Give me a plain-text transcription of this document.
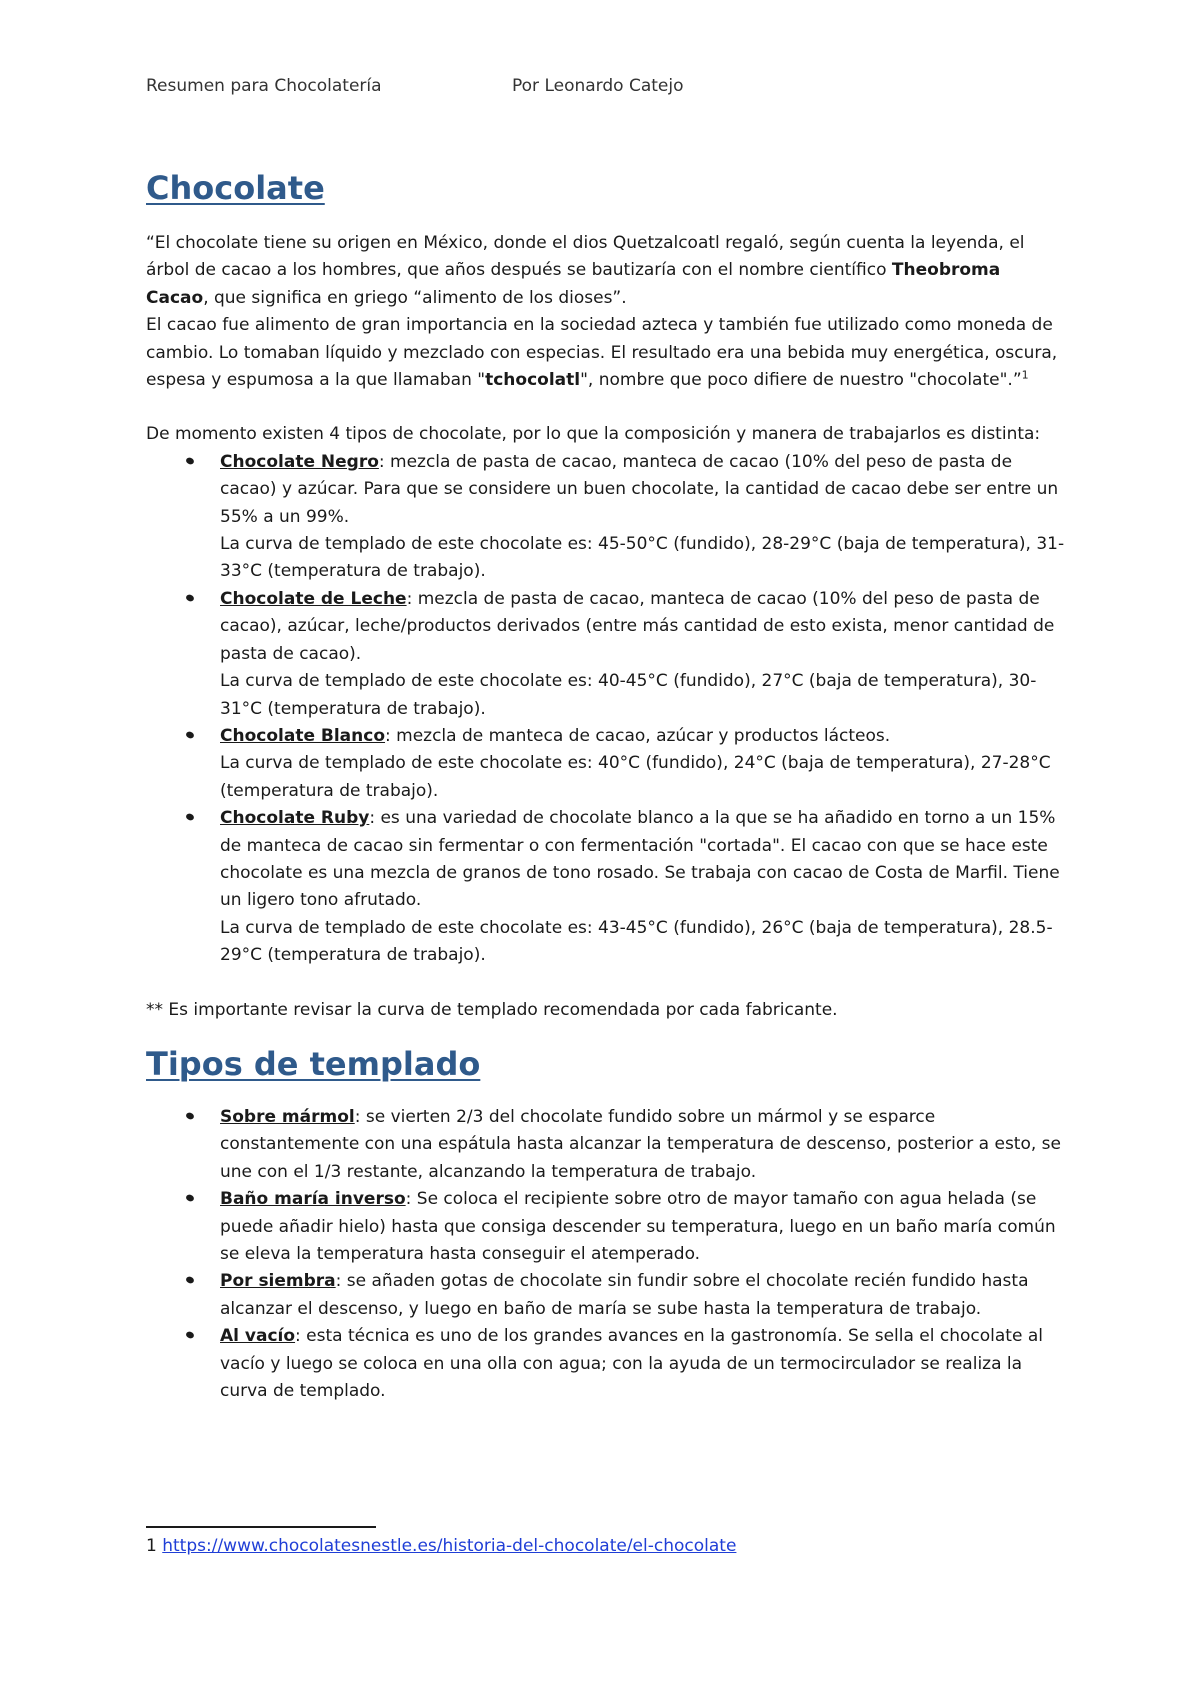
Resumen para Chocolatería	Por Leonardo Catejo
Chocolate

“El chocolate tiene su origen en México, donde el dios Quetzalcoatl regaló, según cuenta la leyenda, el árbol de cacao a los hombres, que años después se bautizaría con el nombre científico Theobroma Cacao, que significa en griego “alimento de los dioses”.

El cacao fue alimento de gran importancia en la sociedad azteca y también fue utilizado como moneda de cambio. Lo tomaban líquido y mezclado con especias. El resultado era una bebida muy energética, oscura, espesa y espumosa a la que llamaban "tchocolatl", nombre que poco difiere de nuestro "chocolate".”$^1$

De momento existen 4 tipos de chocolate, por lo que la composición y manera de trabajarlos es distinta:

Chocolate Negro: mezcla de pasta de cacao, manteca de cacao (10% del peso de pasta de cacao) y azúcar. Para que se considere un buen chocolate, la cantidad de cacao debe ser entre un 55% a un 99%.
La curva de templado de este chocolate es: 45-50°C (fundido), 28-29°C (baja de temperatura), 31-33°C (temperatura de trabajo).
Chocolate de Leche: mezcla de pasta de cacao, manteca de cacao (10% del peso de pasta de cacao), azúcar, leche/productos derivados (entre más cantidad de esto exista, menor cantidad de pasta de cacao).
La curva de templado de este chocolate es: 40-45°C (fundido), 27°C (baja de temperatura), 30-31°C (temperatura de trabajo).
Chocolate Blanco: mezcla de manteca de cacao, azúcar y productos lácteos.
La curva de templado de este chocolate es: 40°C (fundido), 24°C (baja de temperatura), 27-28°C (temperatura de trabajo).
Chocolate Ruby: es una variedad de chocolate blanco a la que se ha añadido en torno a un 15% de manteca de cacao sin fermentar o con fermentación "cortada". El cacao con que se hace este chocolate es una mezcla de granos de tono rosado. Se trabaja con cacao de Costa de Marfil. Tiene un ligero tono afrutado.
La curva de templado de este chocolate es: 43-45°C (fundido), 26°C (baja de temperatura), 28.5-29°C (temperatura de trabajo).

** Es importante revisar la curva de templado recomendada por cada fabricante.

Tipos de templado
Sobre mármol: se vierten 2/3 del chocolate fundido sobre un mármol y se esparce constantemente con una espátula hasta alcanzar la temperatura de descenso, posterior a esto, se une con el 1/3 restante, alcanzando la temperatura de trabajo.
Baño maría inverso: Se coloca el recipiente sobre otro de mayor tamaño con agua helada (se puede añadir hielo) hasta que consiga descender su temperatura, luego en un baño maría común se eleva la temperatura hasta conseguir el atemperado.
Por siembra: se añaden gotas de chocolate sin fundir sobre el chocolate recién fundido hasta alcanzar el descenso, y luego en baño de maría se sube hasta la temperatura de trabajo.
Al vacío: esta técnica es uno de los grandes avances en la gastronomía. Se sella el chocolate al vacío y luego se coloca en una olla con agua; con la ayuda de un termocirculador se realiza la curva de templado.
1 https://www.chocolatesnestle.es/historia-del-chocolate/el-chocolate
